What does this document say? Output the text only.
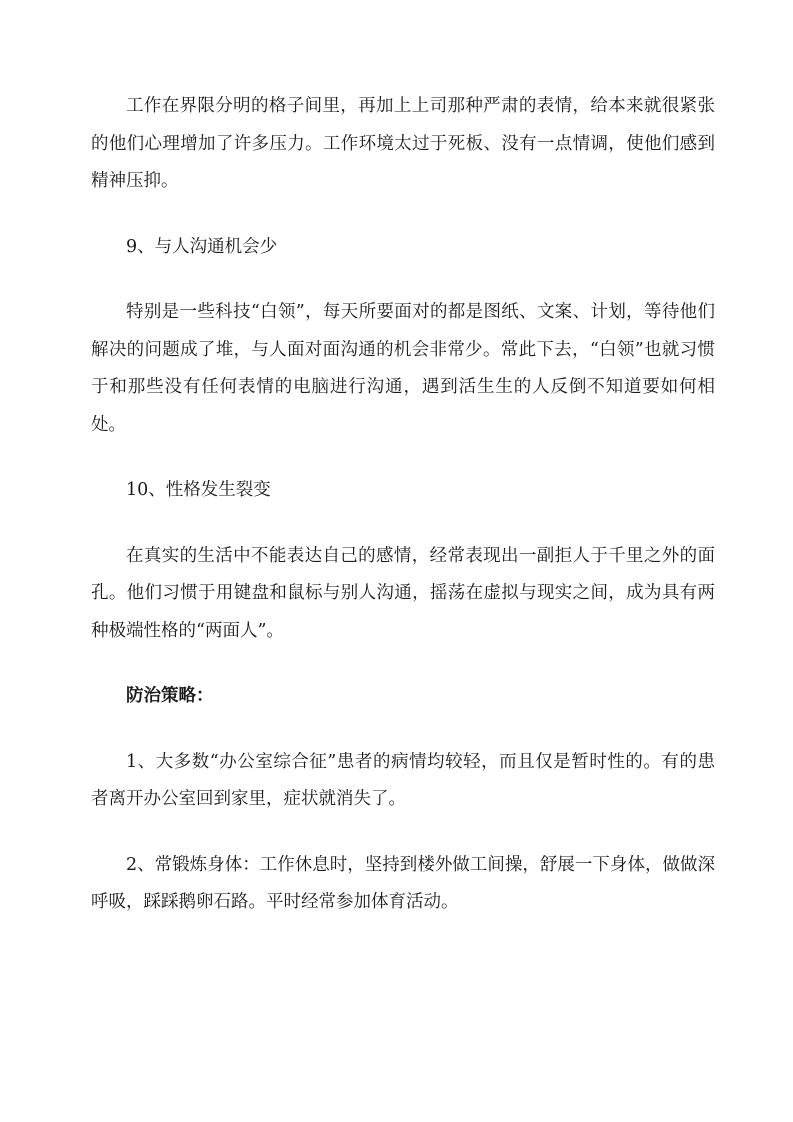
工作在界限分明的格子间里，再加上上司那种严肃的表情，给本来就很紧张的他们心理增加了许多压力。工作环境太过于死板、没有一点情调，使他们感到精神压抑。

9、与人沟通机会少

特别是一些科技“白领”，每天所要面对的都是图纸、文案、计划，等待他们解决的问题成了堆，与人面对面沟通的机会非常少。常此下去，“白领”也就习惯于和那些没有任何表情的电脑进行沟通，遇到活生生的人反倒不知道要如何相处。

10、性格发生裂变

在真实的生活中不能表达自己的感情，经常表现出一副拒人于千里之外的面孔。他们习惯于用键盘和鼠标与别人沟通，摇荡在虚拟与现实之间，成为具有两种极端性格的“两面人”。

防治策略：

1、大多数“办公室综合征”患者的病情均较轻，而且仅是暂时性的。有的患者离开办公室回到家里，症状就消失了。

2、常锻炼身体：工作休息时，坚持到楼外做工间操，舒展一下身体，做做深呼吸，踩踩鹅卵石路。平时经常参加体育活动。
